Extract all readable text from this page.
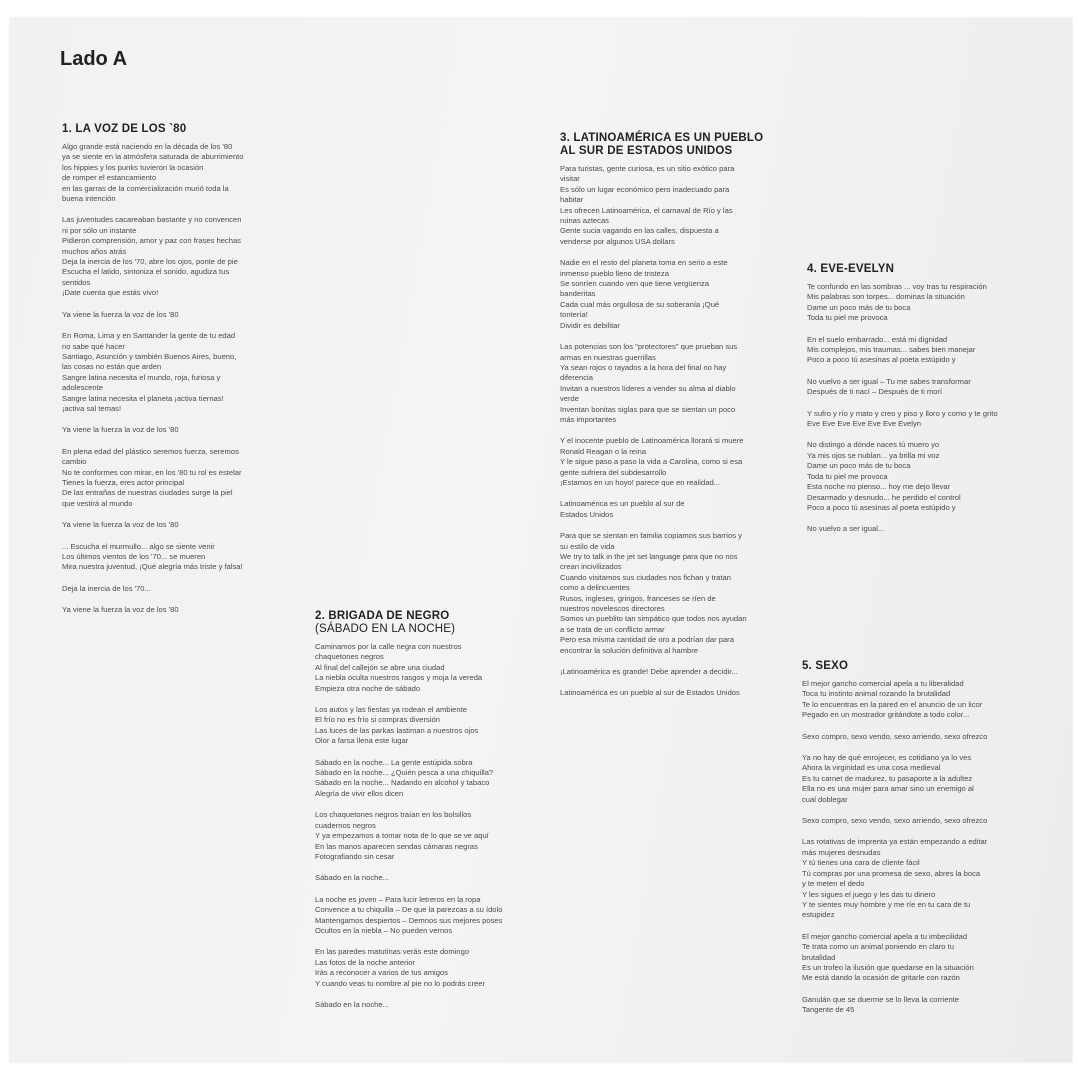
Lado A
1. LA VOZ DE LOS `80
Algo grande está naciendo en la década de los '80
ya se siente en la atmósfera saturada de aburrimiento
los hippies y los punks tuvieron la ocasión
de romper el estancamiento
en las garras de la comercialización murió toda la
buena intención
Las juventudes cacareaban bastante y no convencen
ni por sólo un instante
Pidieron comprensión, amor y paz con frases hechas
muchos años atrás
Deja la inercia de los '70, abre los ojos, ponte de pie
Escucha el latido, sintoniza el sonido, agudiza tus
sentidos
¡Date cuenta que estás vivo!
Ya viene la fuerza la voz de los '80
En Roma, Lima y en Santander la gente de tu edad
no sabe qué hacer
Santiago, Asunción y también Buenos Aires, bueno,
las cosas no están que arden
Sangre latina necesita el mundo, roja, furiosa y
adolescente
Sangre latina necesita el planeta ¡activa tiernas!
¡activa sal temas!
Ya viene la fuerza la voz de los '80
En plena edad del plástico seremos fuerza, seremos
cambio
No te conformes con mirar, en los '80 tu rol es estelar
Tienes la fuerza, eres actor principal
De las entrañas de nuestras ciudades surge la piel
que vestirá al mundo
Ya viene la fuerza la voz de los '80
... Escucha el murmullo... algo se siente venir
Los últimos vientos de los '70... se mueren
Mira nuestra juventud, ¡Qué alegría más triste y falsa!
Deja la inercia de los '70...
Ya viene la fuerza la voz de los '80
2. BRIGADA DE NEGRO
(SÁBADO EN LA NOCHE)
Caminamos por la calle negra con nuestros
chaquetones negros
Al final del callejón se abre una ciudad
La niebla oculta nuestros rasgos y moja la vereda
Empieza otra noche de sábado
Los autos y las fiestas ya rodean el ambiente
El frío no es frío si compras diversión
Las luces de las parkas lastiman a nuestros ojos
Olor a farsa llena este lugar
Sábado en la noche... La gente estúpida sobra
Sábado en la noche... ¿Quién pesca a una chiquilla?
Sábado en la noche... Nadando en alcohol y tabaco
Alegría de vivir ellos dicen
Los chaquetones negros traían en los bolsillos
cuadernos negros
Y ya empezamos a tomar nota de lo que se ve aquí
En las manos aparecen sendas cámaras negras
Fotografiando sin cesar
Sábado en la noche...
La noche es joven – Para lucir letreros en la ropa
Convence a tu chiquilla – De que la parezcas a su ídolo
Mantengamos despiertos – Demnos sus mejores poses
Ocultos en la niebla – No pueden vernos
En las paredes matutinas verás este domingo
Las fotos de la noche anterior
Irás a reconocer a varios de tus amigos
Y cuando veas tu nombre al pie no lo podrás creer
Sábado en la noche...
3. LATINOAMÉRICA ES UN PUEBLO
AL SUR DE ESTADOS UNIDOS
Para turistas, gente curiosa, es un sitio exótico para
visitar
Es sólo un lugar económico pero inadecuado para
habitar
Les ofrecen Latinoamérica, el carnaval de Río y las
ruinas aztecas
Gente sucia vagando en las calles, dispuesta a
venderse por algunos USA dollars
Nadie en el resto del planeta toma en serio a este
inmenso pueblo lleno de tristeza
Se sonríen cuando ven que tiene vergüenza
banderitas
Cada cual más orgullosa de su soberanía ¡Qué
tontería!
Dividir es debilitar
Las potencias son los "protectores" que prueban sus
armas en nuestras guerrillas
Ya sean rojos o rayados a la hora del final no hay
diferencia
Invitan a nuestros líderes a vender su alma al diablo
verde
Inventan bonitas siglas para que se sientan un poco
más importantes
Y el inocente pueblo de Latinoamérica llorará si muere
Ronald Reagan o la reina
Y le sigue paso a paso la vida a Carolina, como si esa
gente sufriera del subdesarrollo
¡Estamos en un hoyo! parece que en realidad...
Latinoamérica es un pueblo al sur de
Estados Unidos
Para que se sientan en familia copiamos sus barrios y
su estilo de vida
We try to talk in the jet set language para que no nos
crean incivilizados
Cuando visitamos sus ciudades nos fichan y tratan
como a delincuentes
Rusos, ingleses, gringos, franceses se ríen de
nuestros novelescos directores
Somos un pueblito tan simpático que todos nos ayudan
a se trata de un conflicto armar
Pero esa misma cantidad de oro a podrían dar para
encontrar la solución definitiva al hambre
¡Latinoamérica es grande! Debe aprender a decidir...
Latinoamérica es un pueblo al sur de Estados Unidos
4. EVE-EVELYN
Te confundo en las sombras ... voy tras tu respiración
Mis palabras son torpes... dominas la situación
Dame un poco más de tu boca
Toda tu piel me provoca
En el suelo embarrado... está mi dignidad
Mis complejos, mis traumas... sabes bien manejar
Poco a poco tú asesinas al poeta estúpido y
No vuelvo a ser igual – Tu me sabes transformar
Después de ti nací – Después de ti morí
Y sufro y río y mato y creo y piso y lloro y como y te grito
Eve Eve Eve Eve Eve Eve Evelyn
No distingo a dónde naces tú muero yo
Ya mis ojos se nublan... ya brilla mi voz
Dame un poco más de tu boca
Toda tu piel me provoca
Esta noche no pienso... hoy me dejo llevar
Desarmado y desnudo... he perdido el control
Poco a poco tú asesinas al poeta estúpido y
No vuelvo a ser igual...
5. SEXO
El mejor gancho comercial apela a tu liberalidad
Toca tu instinto animal rozando la brutalidad
Te lo encuentras en la pared en el anuncio de un licor
Pegado en un mostrador gritándote a todo color...
Sexo compro, sexo vendo, sexo arriendo, sexo ofrezco
Ya no hay de qué enrojecer, es cotidiano ya lo ves
Ahora la virginidad es una cosa medieval
Es tu carnet de madurez, tu pasaporte a la adultez
Ella no es una mujer para amar sino un enemigo al
cual doblegar
Sexo compro, sexo vendo, sexo arriendo, sexo ofrezco
Las rotativas de imprenta ya están empezando a editar
más mujeres desnudas
Y tú tienes una cara de cliente fácil
Tú compras por una promesa de sexo, abres la boca
y te meten el dedo
Y les sigues el juego y les das tu dinero
Y te sientes muy hombre y me ríe en tu cara de tu
estupidez
El mejor gancho comercial apela a tu imbecilidad
Te trata como un animal poniendo en claro tu
brutalidad
Es un trofeo la ilusión que quedarse en la situación
Me está dando la ocasión de gritarle con razón
Ganulán que se duerme se lo lleva la corriente
Tangente de 45
